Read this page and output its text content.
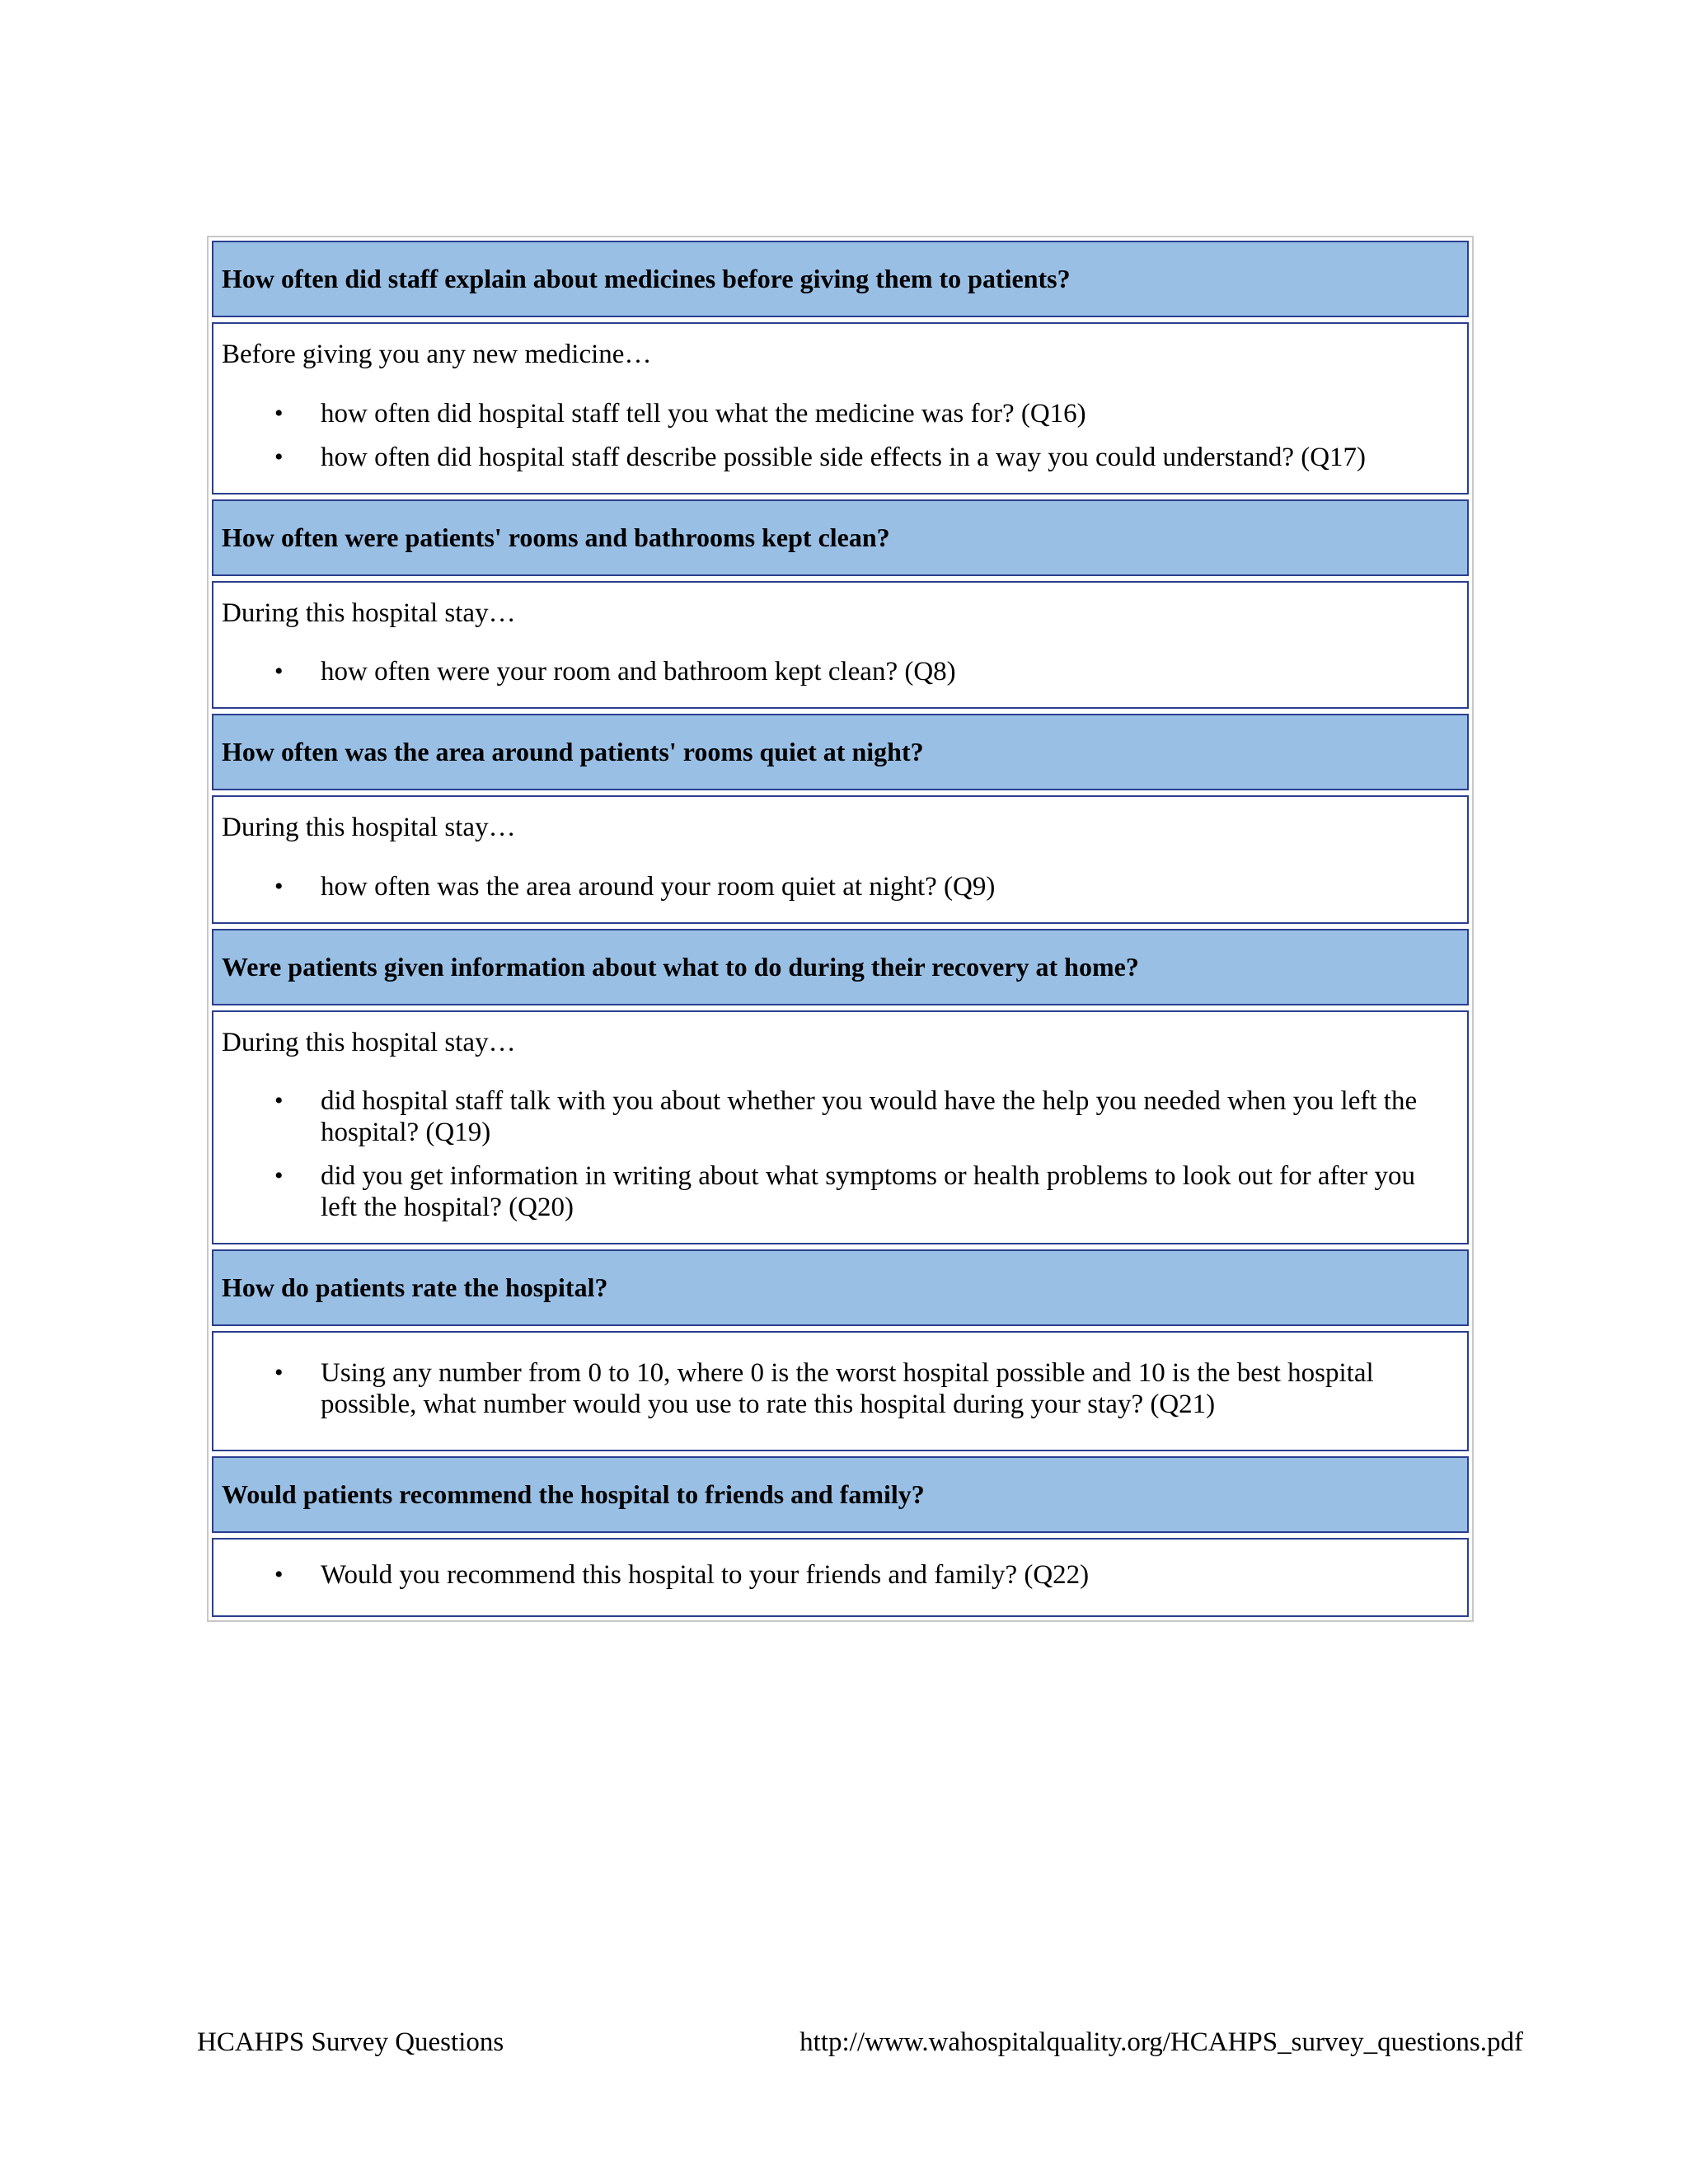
How often did staff explain about medicines before giving them to patients?

Before giving you any new medicine…

• how often did hospital staff tell you what the medicine was for? (Q16)
• how often did hospital staff describe possible side effects in a way you could understand? (Q17)
How often were patients' rooms and bathrooms kept clean?

During this hospital stay…

• how often were your room and bathroom kept clean? (Q8)
How often was the area around patients' rooms quiet at night?

During this hospital stay…

• how often was the area around your room quiet at night? (Q9)
Were patients given information about what to do during their recovery at home?

During this hospital stay…

• did hospital staff talk with you about whether you would have the help you needed when you left the hospital? (Q19)
• did you get information in writing about what symptoms or health problems to look out for after you left the hospital? (Q20)
How do patients rate the hospital?
• Using any number from 0 to 10, where 0 is the worst hospital possible and 10 is the best hospital possible, what number would you use to rate this hospital during your stay? (Q21)
Would patients recommend the hospital to friends and family?
• Would you recommend this hospital to your friends and family? (Q22)
HCAHPS Survey Questions	http://www.wahospitalquality.org/HCAHPS_survey_questions.pdf
